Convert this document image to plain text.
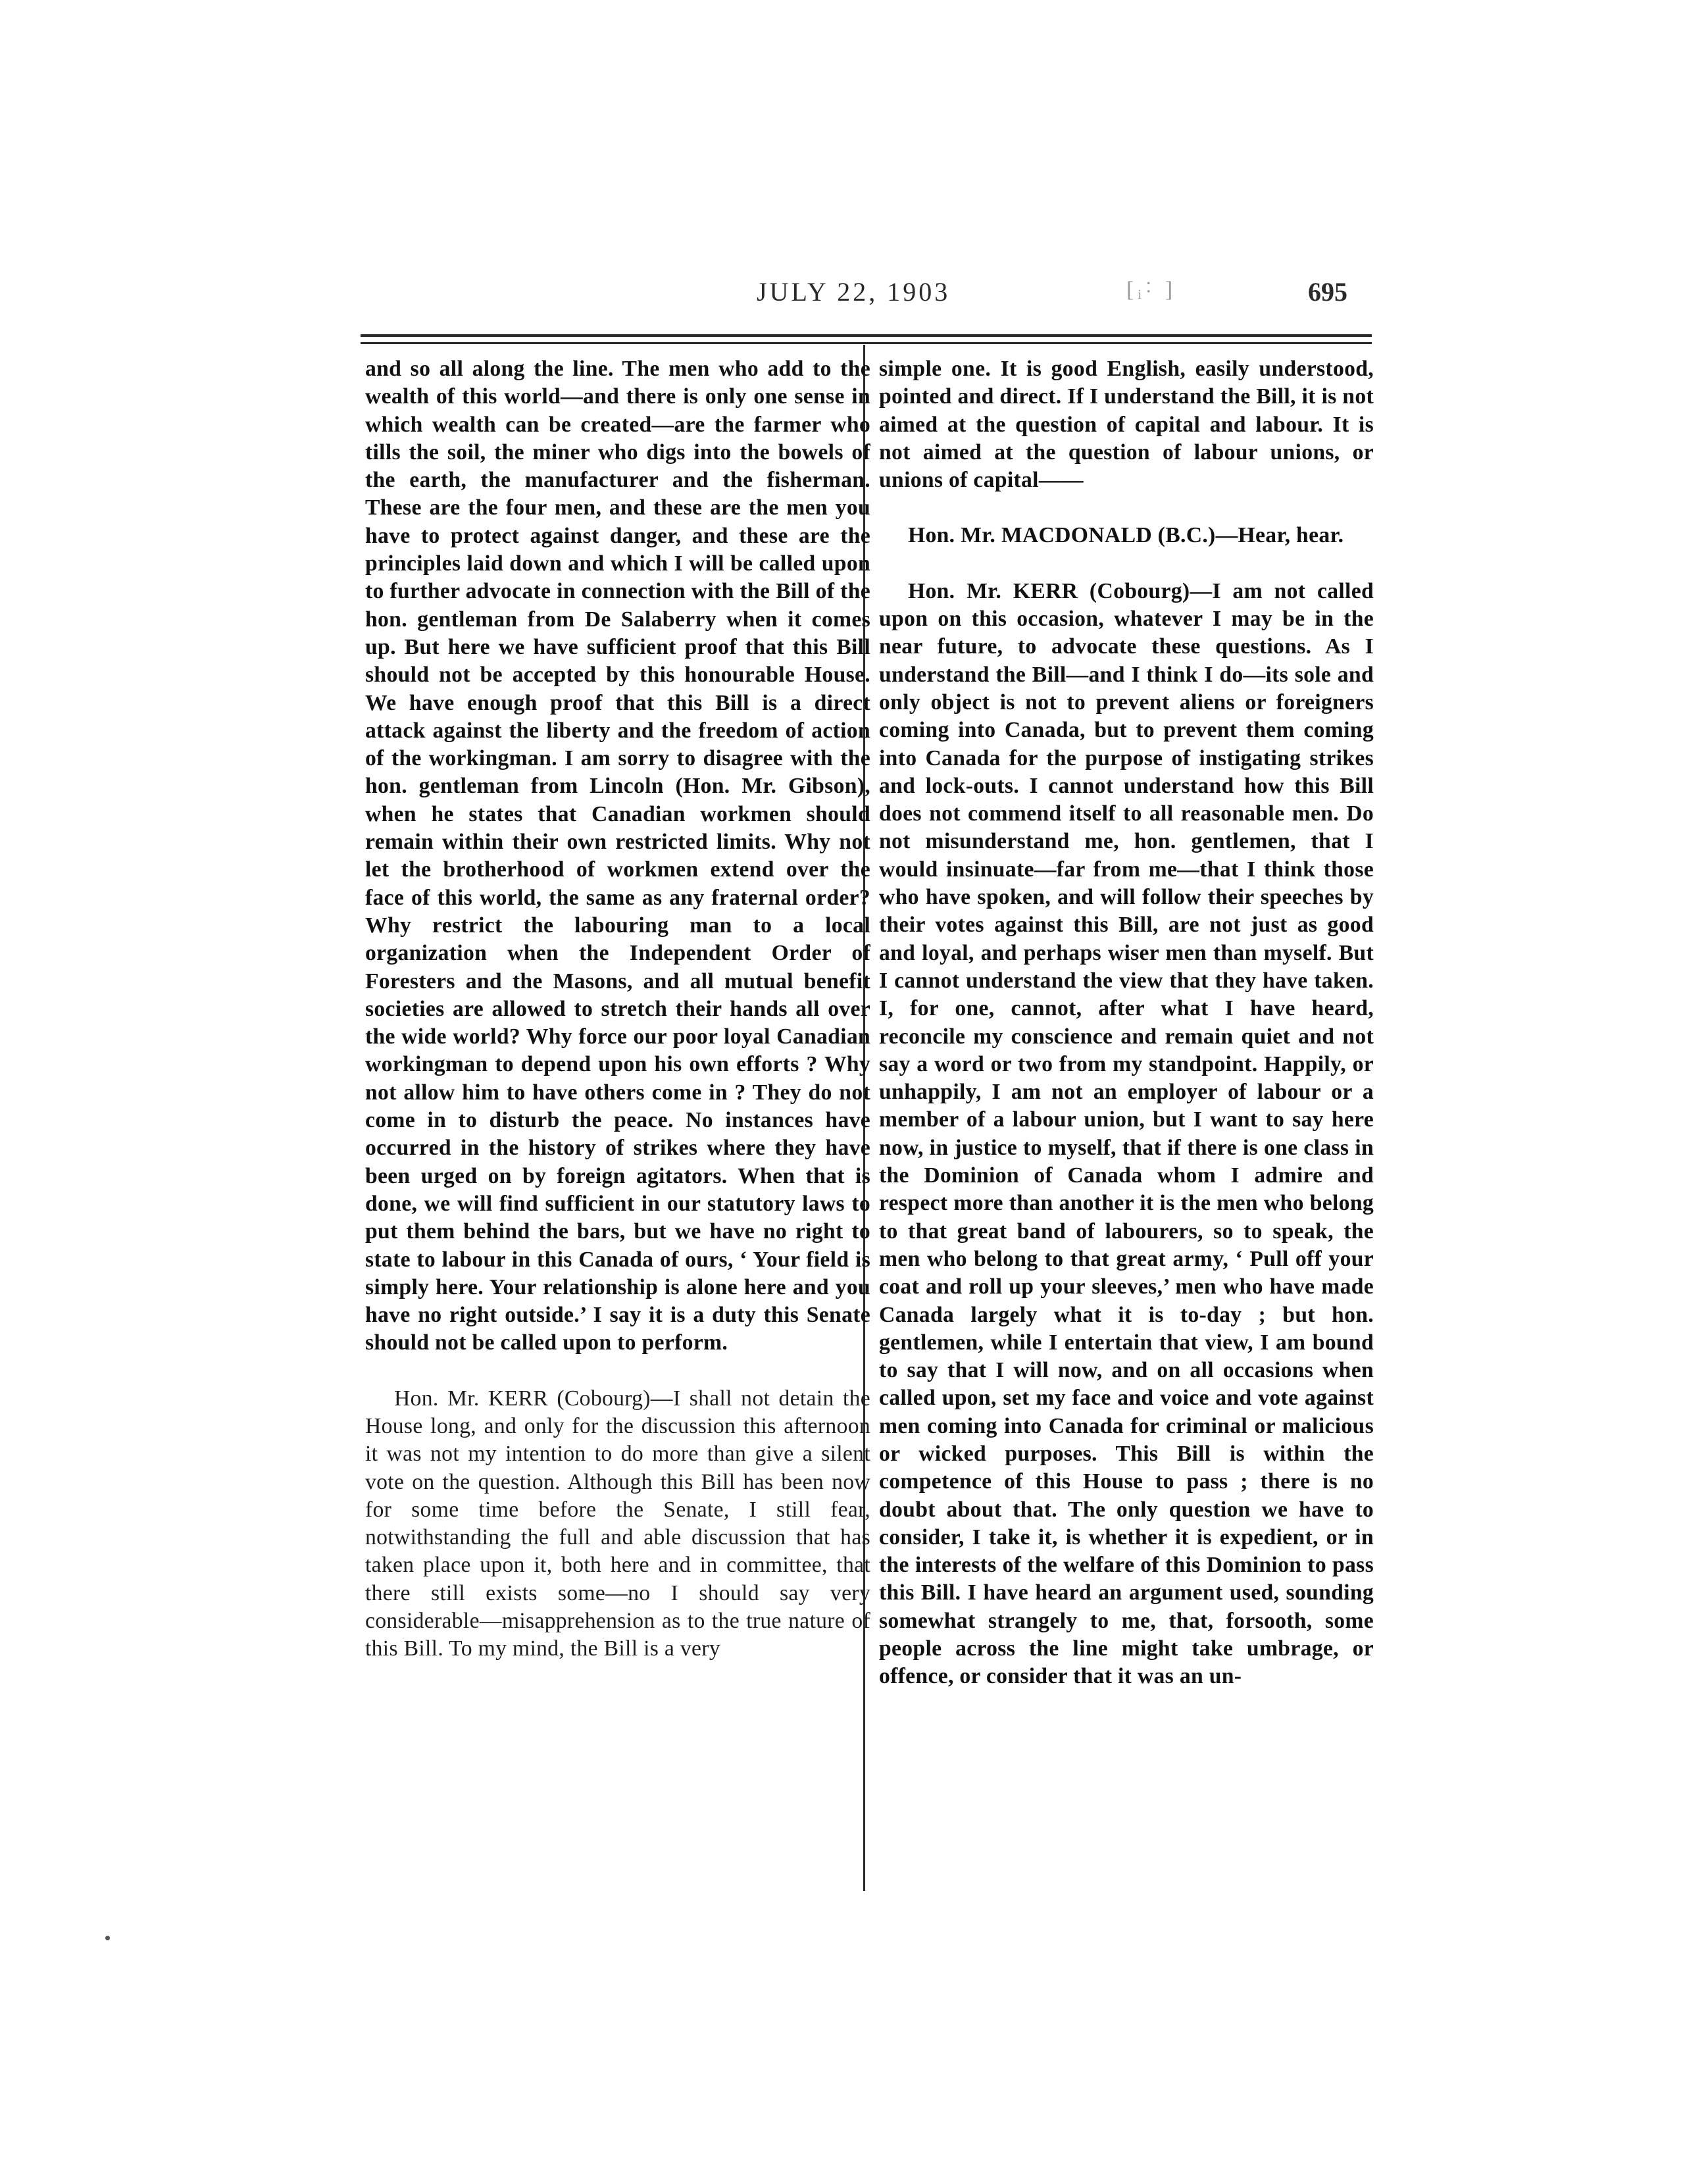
JULY 22, 1903	[ᵢ˸ ]	695

and so all along the line. The men who add to the wealth of this world—and there is only one sense in which wealth can be created—are the farmer who tills the soil, the miner who digs into the bowels of the earth, the manufacturer and the fisherman. These are the four men, and these are the men you have to protect against danger, and these are the principles laid down and which I will be called upon to further advocate in connection with the Bill of the hon. gentleman from De Salaberry when it comes up. But here we have sufficient proof that this Bill should not be accepted by this honourable House. We have enough proof that this Bill is a direct attack against the liberty and the freedom of action of the workingman. I am sorry to disagree with the hon. gentleman from Lincoln (Hon. Mr. Gibson), when he states that Canadian workmen should remain within their own restricted limits. Why not let the brotherhood of workmen extend over the face of this world, the same as any fraternal order? Why restrict the labouring man to a local organization when the Independent Order of Foresters and the Masons, and all mutual benefit societies are allowed to stretch their hands all over the wide world? Why force our poor loyal Canadian workingman to depend upon his own efforts ? Why not allow him to have others come in ? They do not come in to disturb the peace. No instances have occurred in the history of strikes where they have been urged on by foreign agitators. When that is done, we will find sufficient in our statutory laws to put them behind the bars, but we have no right to state to labour in this Canada of ours, ‘ Your field is simply here. Your relationship is alone here and you have no right outside.’ I say it is a duty this Senate should not be called upon to perform.

Hon. Mr. KERR (Cobourg)—I shall not detain the House long, and only for the discussion this afternoon it was not my intention to do more than give a silent vote on the question. Although this Bill has been now for some time before the Senate, I still fear, notwithstanding the full and able discussion that has taken place upon it, both here and in committee, that there still exists some—no I should say very considerable—misapprehension as to the true nature of this Bill. To my mind, the Bill is a very

simple one. It is good English, easily understood, pointed and direct. If I understand the Bill, it is not aimed at the question of capital and labour. It is not aimed at the question of labour unions, or unions of capital——

Hon. Mr. MACDONALD (B.C.)—Hear, hear.

Hon. Mr. KERR (Cobourg)—I am not called upon on this occasion, whatever I may be in the near future, to advocate these questions. As I understand the Bill—and I think I do—its sole and only object is not to prevent aliens or foreigners coming into Canada, but to prevent them coming into Canada for the purpose of instigating strikes and lock-outs. I cannot understand how this Bill does not commend itself to all reasonable men. Do not misunderstand me, hon. gentlemen, that I would insinuate—far from me—that I think those who have spoken, and will follow their speeches by their votes against this Bill, are not just as good and loyal, and perhaps wiser men than myself. But I cannot understand the view that they have taken. I, for one, cannot, after what I have heard, reconcile my conscience and remain quiet and not say a word or two from my standpoint. Happily, or unhappily, I am not an employer of labour or a member of a labour union, but I want to say here now, in justice to myself, that if there is one class in the Dominion of Canada whom I admire and respect more than another it is the men who belong to that great band of labourers, so to speak, the men who belong to that great army, ‘ Pull off your coat and roll up your sleeves,’ men who have made Canada largely what it is to-day ; but hon. gentlemen, while I entertain that view, I am bound to say that I will now, and on all occasions when called upon, set my face and voice and vote against men coming into Canada for criminal or malicious or wicked purposes. This Bill is within the competence of this House to pass ; there is no doubt about that. The only question we have to consider, I take it, is whether it is expedient, or in the interests of the welfare of this Dominion to pass this Bill. I have heard an argument used, sounding somewhat strangely to me, that, forsooth, some people across the line might take umbrage, or offence, or consider that it was an un-
